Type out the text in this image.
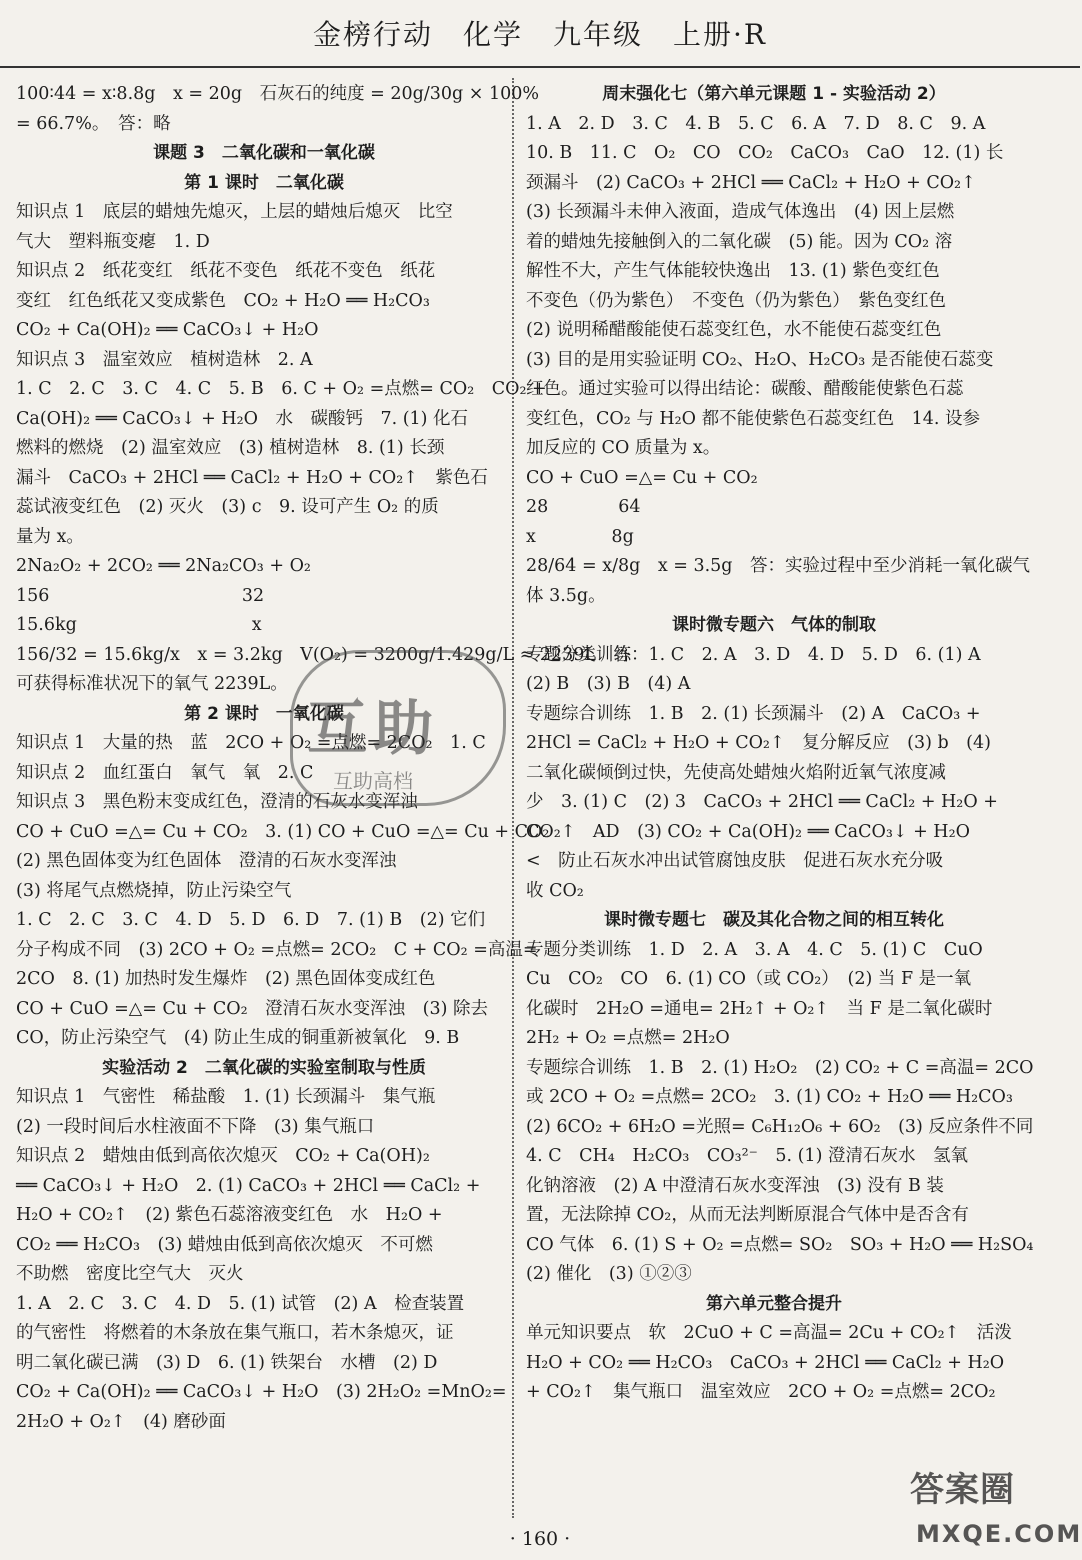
金榜行动　化学　九年级　上册·R
100∶44 = x∶8.8g　x = 20g　石灰石的纯度 = 20g/30g × 100%
= 66.7%。　答：略
课题 3　二氧化碳和一氧化碳
第 1 课时　二氧化碳
知识点 1　底层的蜡烛先熄灭，上层的蜡烛后熄灭　比空
气大　塑料瓶变瘪　1. D
知识点 2　纸花变红　纸花不变色　纸花不变色　纸花
变红　红色纸花又变成紫色　CO₂ + H₂O ══ H₂CO₃
CO₂ + Ca(OH)₂ ══ CaCO₃↓ + H₂O
知识点 3　温室效应　植树造林　2. A
1. C　2. C　3. C　4. C　5. B　6. C + O₂ =点燃= CO₂　CO₂ +
Ca(OH)₂ ══ CaCO₃↓ + H₂O　水　碳酸钙　7. (1) 化石
燃料的燃烧　(2) 温室效应　(3) 植树造林　8. (1) 长颈
漏斗　CaCO₃ + 2HCl ══ CaCl₂ + H₂O + CO₂↑　紫色石
蕊试液变红色　(2) 灭火　(3) c　9. 设可产生 O₂ 的质
量为 x。
2Na₂O₂ + 2CO₂ ══ 2Na₂CO₃ + O₂
156　　　　　　　　　　　32
15.6kg　　　　　　　　　　x
156/32 = 15.6kg/x　x = 3.2kg　V(O₂) = 3200g/1.429g/L ≈ 2239L　答：
可获得标准状况下的氧气 2239L。
第 2 课时　一氧化碳
知识点 1　大量的热　蓝　2CO + O₂ =点燃= 2CO₂　1. C
知识点 2　血红蛋白　氧气　氧　2. C
知识点 3　黑色粉末变成红色，澄清的石灰水变浑浊
CO + CuO =△= Cu + CO₂　3. (1) CO + CuO =△= Cu + CO₂
(2) 黑色固体变为红色固体　澄清的石灰水变浑浊
(3) 将尾气点燃烧掉，防止污染空气
1. C　2. C　3. C　4. D　5. D　6. D　7. (1) B　(2) 它们
分子构成不同　(3) 2CO + O₂ =点燃= 2CO₂　C + CO₂ =高温=
2CO　8. (1) 加热时发生爆炸　(2) 黑色固体变成红色
CO + CuO =△= Cu + CO₂　澄清石灰水变浑浊　(3) 除去
CO，防止污染空气　(4) 防止生成的铜重新被氧化　9. B
实验活动 2　二氧化碳的实验室制取与性质
知识点 1　气密性　稀盐酸　1. (1) 长颈漏斗　集气瓶
(2) 一段时间后水柱液面不下降　(3) 集气瓶口
知识点 2　蜡烛由低到高依次熄灭　CO₂ + Ca(OH)₂
══ CaCO₃↓ + H₂O　2. (1) CaCO₃ + 2HCl ══ CaCl₂ +
H₂O + CO₂↑　(2) 紫色石蕊溶液变红色　水　H₂O +
CO₂ ══ H₂CO₃　(3) 蜡烛由低到高依次熄灭　不可燃
不助燃　密度比空气大　灭火
1. A　2. C　3. C　4. D　5. (1) 试管　(2) A　检查装置
的气密性　将燃着的木条放在集气瓶口，若木条熄灭，证
明二氧化碳已满　(3) D　6. (1) 铁架台　水槽　(2) D
CO₂ + Ca(OH)₂ ══ CaCO₃↓ + H₂O　(3) 2H₂O₂ =MnO₂=
2H₂O + O₂↑　(4) 磨砂面
周末强化七（第六单元课题 1 - 实验活动 2）
1. A　2. D　3. C　4. B　5. C　6. A　7. D　8. C　9. A
10. B　11. C　O₂　CO　CO₂　CaCO₃　CaO　12. (1) 长
颈漏斗　(2) CaCO₃ + 2HCl ══ CaCl₂ + H₂O + CO₂↑
(3) 长颈漏斗未伸入液面，造成气体逸出　(4) 因上层燃
着的蜡烛先接触倒入的二氧化碳　(5) 能。因为 CO₂ 溶
解性不大，产生气体能较快逸出　13. (1) 紫色变红色
不变色（仍为紫色）　不变色（仍为紫色）　紫色变红色
(2) 说明稀醋酸能使石蕊变红色，水不能使石蕊变红色
(3) 目的是用实验证明 CO₂、H₂O、H₂CO₃ 是否能使石蕊变
红色。通过实验可以得出结论：碳酸、醋酸能使紫色石蕊
变红色，CO₂ 与 H₂O 都不能使紫色石蕊变红色　14. 设参
加反应的 CO 质量为 x。
CO + CuO =△= Cu + CO₂
28　　　　64
x　　　　 8g
28/64 = x/8g　x = 3.5g　答：实验过程中至少消耗一氧化碳气
体 3.5g。
课时微专题六　气体的制取
专题分类训练　1. C　2. A　3. D　4. D　5. D　6. (1) A
(2) B　(3) B　(4) A
专题综合训练　1. B　2. (1) 长颈漏斗　(2) A　CaCO₃ +
2HCl = CaCl₂ + H₂O + CO₂↑　复分解反应　(3) b　(4)
二氧化碳倾倒过快，先使高处蜡烛火焰附近氧气浓度减
少　3. (1) C　(2) 3　CaCO₃ + 2HCl ══ CaCl₂ + H₂O +
CO₂↑　AD　(3) CO₂ + Ca(OH)₂ ══ CaCO₃↓ + H₂O
<　防止石灰水冲出试管腐蚀皮肤　促进石灰水充分吸
收 CO₂
课时微专题七　碳及其化合物之间的相互转化
专题分类训练　1. D　2. A　3. A　4. C　5. (1) C　CuO
Cu　CO₂　CO　6. (1) CO（或 CO₂）　(2) 当 F 是一氧
化碳时　2H₂O =通电= 2H₂↑ + O₂↑　当 F 是二氧化碳时
2H₂ + O₂ =点燃= 2H₂O
专题综合训练　1. B　2. (1) H₂O₂　(2) CO₂ + C =高温= 2CO
或 2CO + O₂ =点燃= 2CO₂　3. (1) CO₂ + H₂O ══ H₂CO₃
(2) 6CO₂ + 6H₂O =光照= C₆H₁₂O₆ + 6O₂　(3) 反应条件不同
4. C　CH₄　H₂CO₃　CO₃²⁻　5. (1) 澄清石灰水　氢氧
化钠溶液　(2) A 中澄清石灰水变浑浊　(3) 没有 B 装
置，无法除掉 CO₂，从而无法判断原混合气体中是否含有
CO 气体　6. (1) S + O₂ =点燃= SO₂　SO₃ + H₂O ══ H₂SO₄
(2) 催化　(3) ①②③
第六单元整合提升
单元知识要点　软　2CuO + C =高温= 2Cu + CO₂↑　活泼
H₂O + CO₂ ══ H₂CO₃　CaCO₃ + 2HCl ══ CaCl₂ + H₂O
+ CO₂↑　集气瓶口　温室效应　2CO + O₂ =点燃= 2CO₂
互助
互助高档
答案圈
MXQE.COM
· 160 ·
